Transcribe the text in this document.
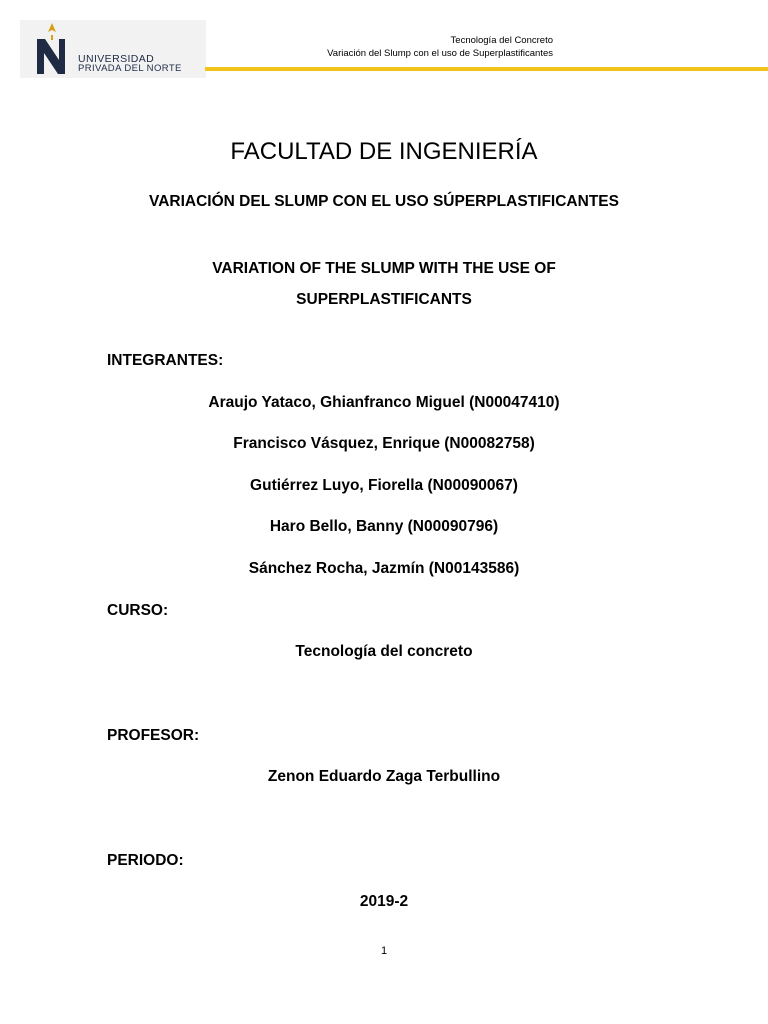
UNIVERSIDAD
PRIVADA DEL NORTE
Tecnología del Concreto
Variación del Slump con el uso de Superplastificantes
FACULTAD DE INGENIERÍA
VARIACIÓN DEL SLUMP CON EL USO SÚPERPLASTIFICANTES
VARIATION OF THE SLUMP WITH THE USE OF
SUPERPLASTIFICANTS
INTEGRANTES:
Araujo Yataco, Ghianfranco Miguel (N00047410)
Francisco Vásquez, Enrique (N00082758)
Gutiérrez Luyo, Fiorella (N00090067)
Haro Bello, Banny (N00090796)
Sánchez Rocha, Jazmín (N00143586)
CURSO:
Tecnología del concreto
PROFESOR:
Zenon Eduardo Zaga Terbullino
PERIODO:
2019-2
1
